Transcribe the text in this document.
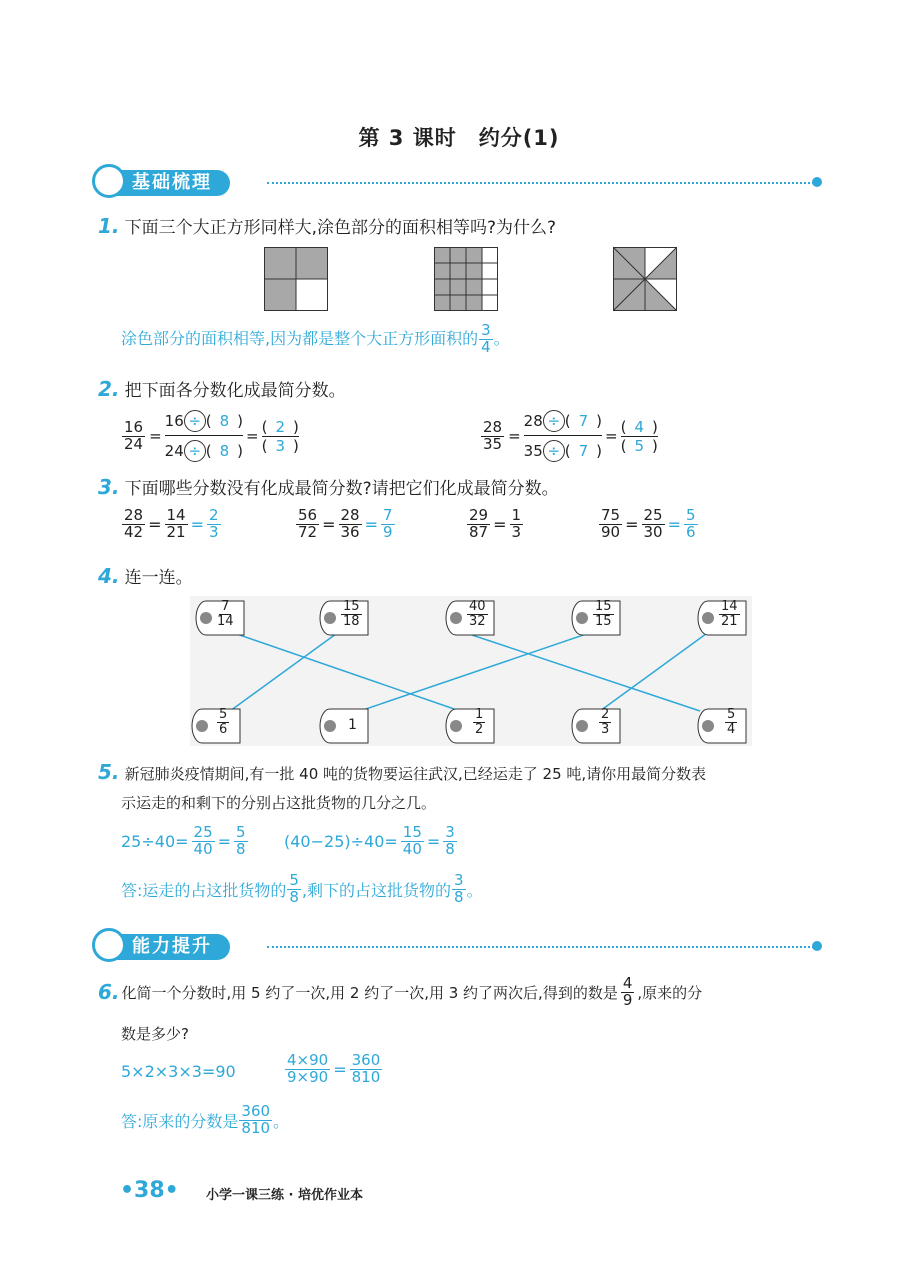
第 3 课时　约分(1)
基础梳理
1. 下面三个大正方形同样大,涂色部分的面积相等吗?为什么?
涂色部分的面积相等,因为都是整个大正方形面积的 $\frac{3}{4}$ 。
2. 把下面各分数化成最简分数。
$\frac{16}{24} = \frac{16 \div ( 8 )}{24 \div ( 8 )} = \frac{( 2 )}{( 3 )}$	$\frac{28}{35} = \frac{28 \div ( 7 )}{35 \div ( 7 )} = \frac{( 4 )}{( 5 )}$
3. 下面哪些分数没有化成最简分数?请把它们化成最简分数。
$\frac{28}{42} = \frac{14}{21} = \frac{2}{3}$	$\frac{56}{72} = \frac{28}{36} = \frac{7}{9}$	$\frac{29}{87} = \frac{1}{3}$	$\frac{75}{90} = \frac{25}{30} = \frac{5}{6}$
4. 连一连。
$\frac{7}{14}$	$\frac{15}{18}$	$\frac{40}{32}$	$\frac{15}{15}$	$\frac{14}{21}$
$\frac{5}{6}$	1	$\frac{1}{2}$	$\frac{2}{3}$	$\frac{5}{4}$
5. 新冠肺炎疫情期间,有一批 40 吨的货物要运往武汉,已经运走了 25 吨,请你用最简分数表
示运走的和剩下的分别占这批货物的几分之几。
$25\div 40= \frac{25}{40} = \frac{5}{8} (40-25)\div 40= \frac{15}{40} = \frac{3}{8}$
答:运走的占这批货物的 $\frac{5}{8}$ ,剩下的占这批货物的 $\frac{3}{8}$ 。
能力提升
6. 化简一个分数时,用 5 约了一次,用 2 约了一次,用 3 约了两次后,得到的数是 $\frac{4}{9}$ ,原来的分
数是多少?
5×2×3×3=90	$\frac{4\times 90}{9\times 90} = \frac{360}{810}$
答:原来的分数是 $\frac{360}{810}$ 。
•38• 小学一课三练 · 培优作业本
